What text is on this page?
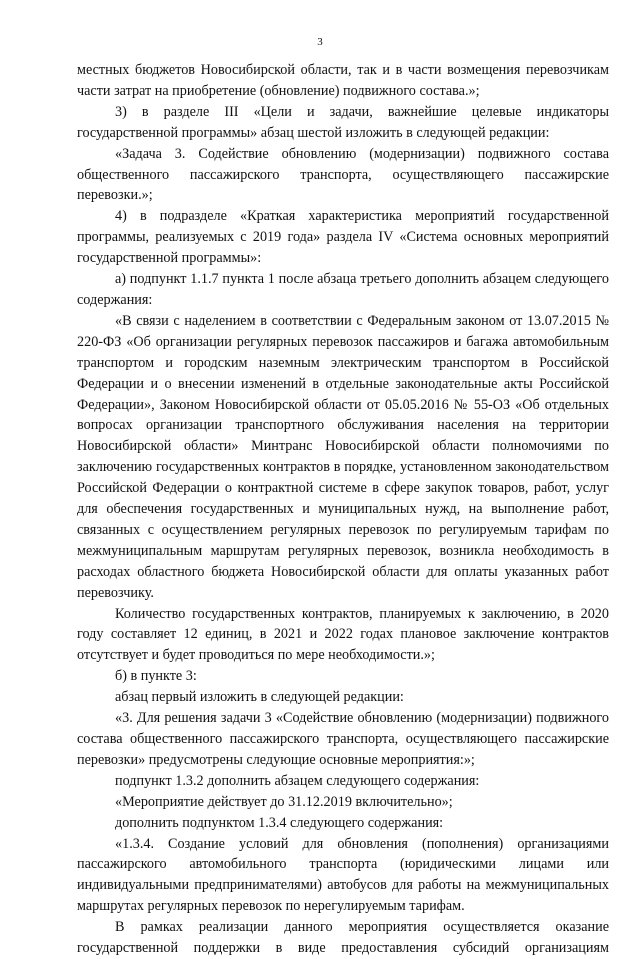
3

местных бюджетов Новосибирской области, так и в части возмещения перевозчикам части затрат на приобретение (обновление) подвижного состава.»;

3) в разделе III «Цели и задачи, важнейшие целевые индикаторы государственной программы» абзац шестой изложить в следующей редакции:

«Задача 3. Содействие обновлению (модернизации) подвижного состава общественного пассажирского транспорта, осуществляющего пассажирские перевозки.»;

4) в подразделе «Краткая характеристика мероприятий государственной программы, реализуемых с 2019 года» раздела IV «Система основных мероприятий государственной программы»:

а) подпункт 1.1.7 пункта 1 после абзаца третьего дополнить абзацем следующего содержания:

«В связи с наделением в соответствии с Федеральным законом от 13.07.2015 № 220-ФЗ «Об организации регулярных перевозок пассажиров и багажа автомобильным транспортом и городским наземным электрическим транспортом в Российской Федерации и о внесении изменений в отдельные законодательные акты Российской Федерации», Законом Новосибирской области от 05.05.2016 № 55-ОЗ «Об отдельных вопросах организации транспортного обслуживания населения на территории Новосибирской области» Минтранс Новосибирской области полномочиями по заключению государственных контрактов в порядке, установленном законодательством Российской Федерации о контрактной системе в сфере закупок товаров, работ, услуг для обеспечения государственных и муниципальных нужд, на выполнение работ, связанных с осуществлением регулярных перевозок по регулируемым тарифам по межмуниципальным маршрутам регулярных перевозок, возникла необходимость в расходах областного бюджета Новосибирской области для оплаты указанных работ перевозчику.

Количество государственных контрактов, планируемых к заключению, в 2020 году составляет 12 единиц, в 2021 и 2022 годах плановое заключение контрактов отсутствует и будет проводиться по мере необходимости.»;

б) в пункте 3:

абзац первый изложить в следующей редакции:

«3. Для решения задачи 3 «Содействие обновлению (модернизации) подвижного состава общественного пассажирского транспорта, осуществляющего пассажирские перевозки» предусмотрены следующие основные мероприятия:»;

подпункт 1.3.2 дополнить абзацем следующего содержания:

«Мероприятие действует до 31.12.2019 включительно»;

дополнить подпунктом 1.3.4 следующего содержания:

«1.3.4. Создание условий для обновления (пополнения) организациями пассажирского автомобильного транспорта (юридическими лицами или индивидуальными предпринимателями) автобусов для работы на межмуниципальных маршрутах регулярных перевозок по нерегулируемым тарифам.

В рамках реализации данного мероприятия осуществляется оказание государственной поддержки в виде предоставления субсидий организациям
